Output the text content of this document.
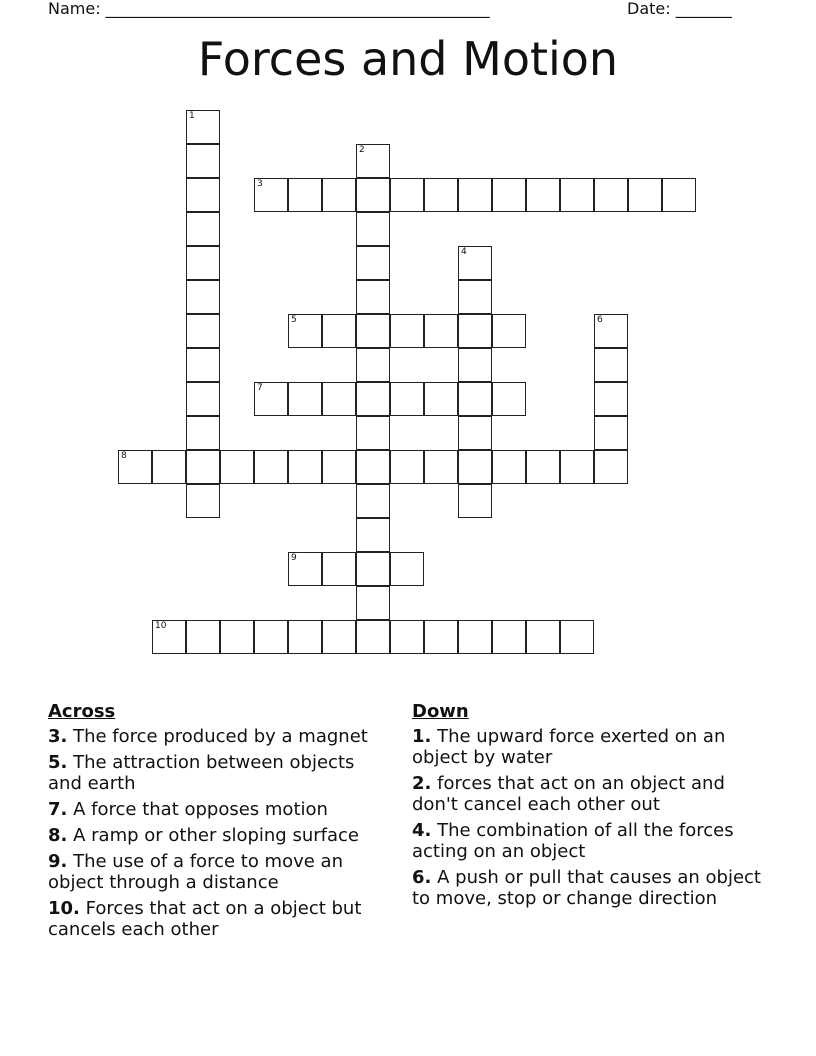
Name: ________________________________________________	Date: _______
Forces and Motion
1
2
3
4
5	6
7
8
9
10
Across
3. The force produced by a magnet
5. The attraction between objects and earth
7. A force that opposes motion
8. A ramp or other sloping surface
9. The use of a force to move an object through a distance
10. Forces that act on a object but cancels each other
Down
1. The upward force exerted on an object by water
2. forces that act on an object and don't cancel each other out
4. The combination of all the forces acting on an object
6. A push or pull that causes an object to move, stop or change direction
